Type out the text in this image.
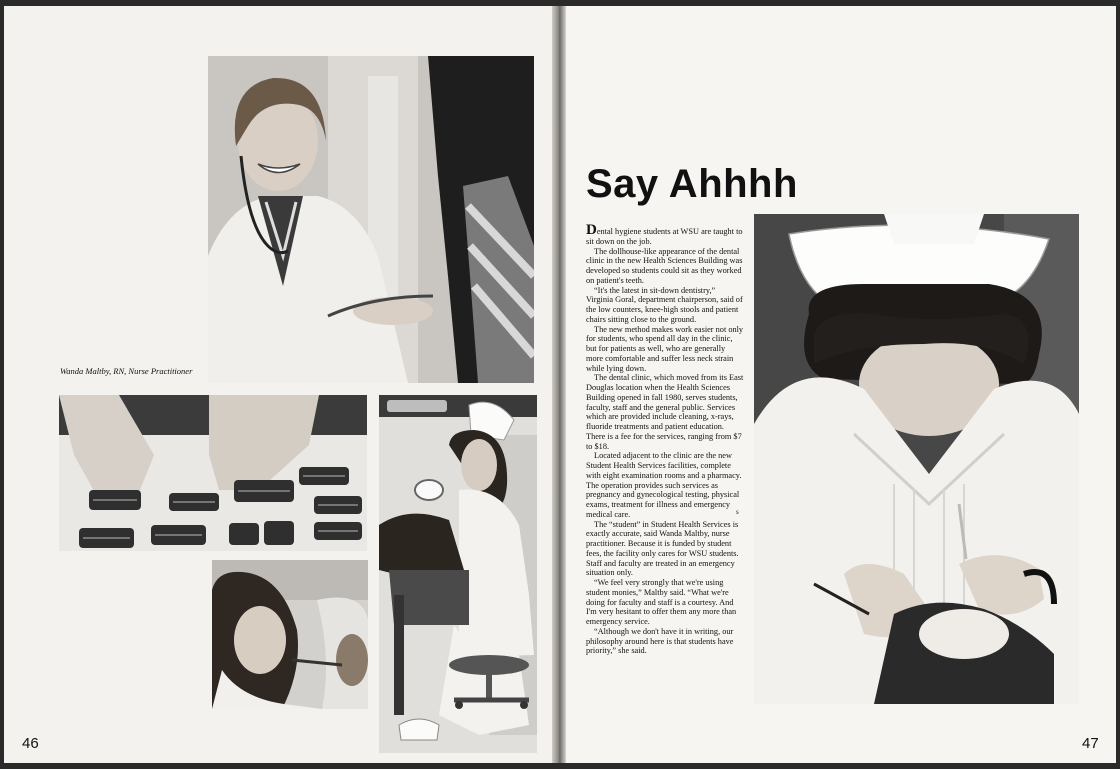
Wanda Maltby, RN, Nurse Practitioner
46
Say Ahhhh

Dental hygiene students at WSU are taught to sit down on the job.

The dollhouse-like appearance of the dental clinic in the new Health Sciences Building was developed so students could sit as they worked on patient's teeth.

“It's the latest in sit-down dentistry,” Virginia Goral, department chairperson, said of the low counters, knee-high stools and patient chairs sitting close to the ground.

The new method makes work easier not only for students, who spend all day in the clinic, but for patients as well, who are generally more comfortable and suffer less neck strain while lying down.

The dental clinic, which moved from its East Douglas location when the Health Sciences Building opened in fall 1980, serves students, faculty, staff and the general public. Services which are provided include cleaning, x-rays, fluoride treatments and patient education. There is a fee for the services, ranging from $7 to $18.

Located adjacent to the clinic are the new Student Health Services facilities, complete with eight examination rooms and a pharmacy. The operation provides such services as pregnancy and gynecological testing, physical exams, treatment for illness and emergency medical care.

The “student” in Student Health Services is exactly accurate, said Wanda Maltby, nurse practitioner. Because it is funded by student fees, the facility only cares for WSU students. Staff and faculty are treated in an emergency situation only.

“We feel very strongly that we're using student monies,” Maltby said. “What we're doing for faculty and staff is a courtesy. And I'm very hesitant to offer them any more than emergency service.

“Although we don't have it in writing, our philosophy around here is that students have priority,” she said.

s
47
